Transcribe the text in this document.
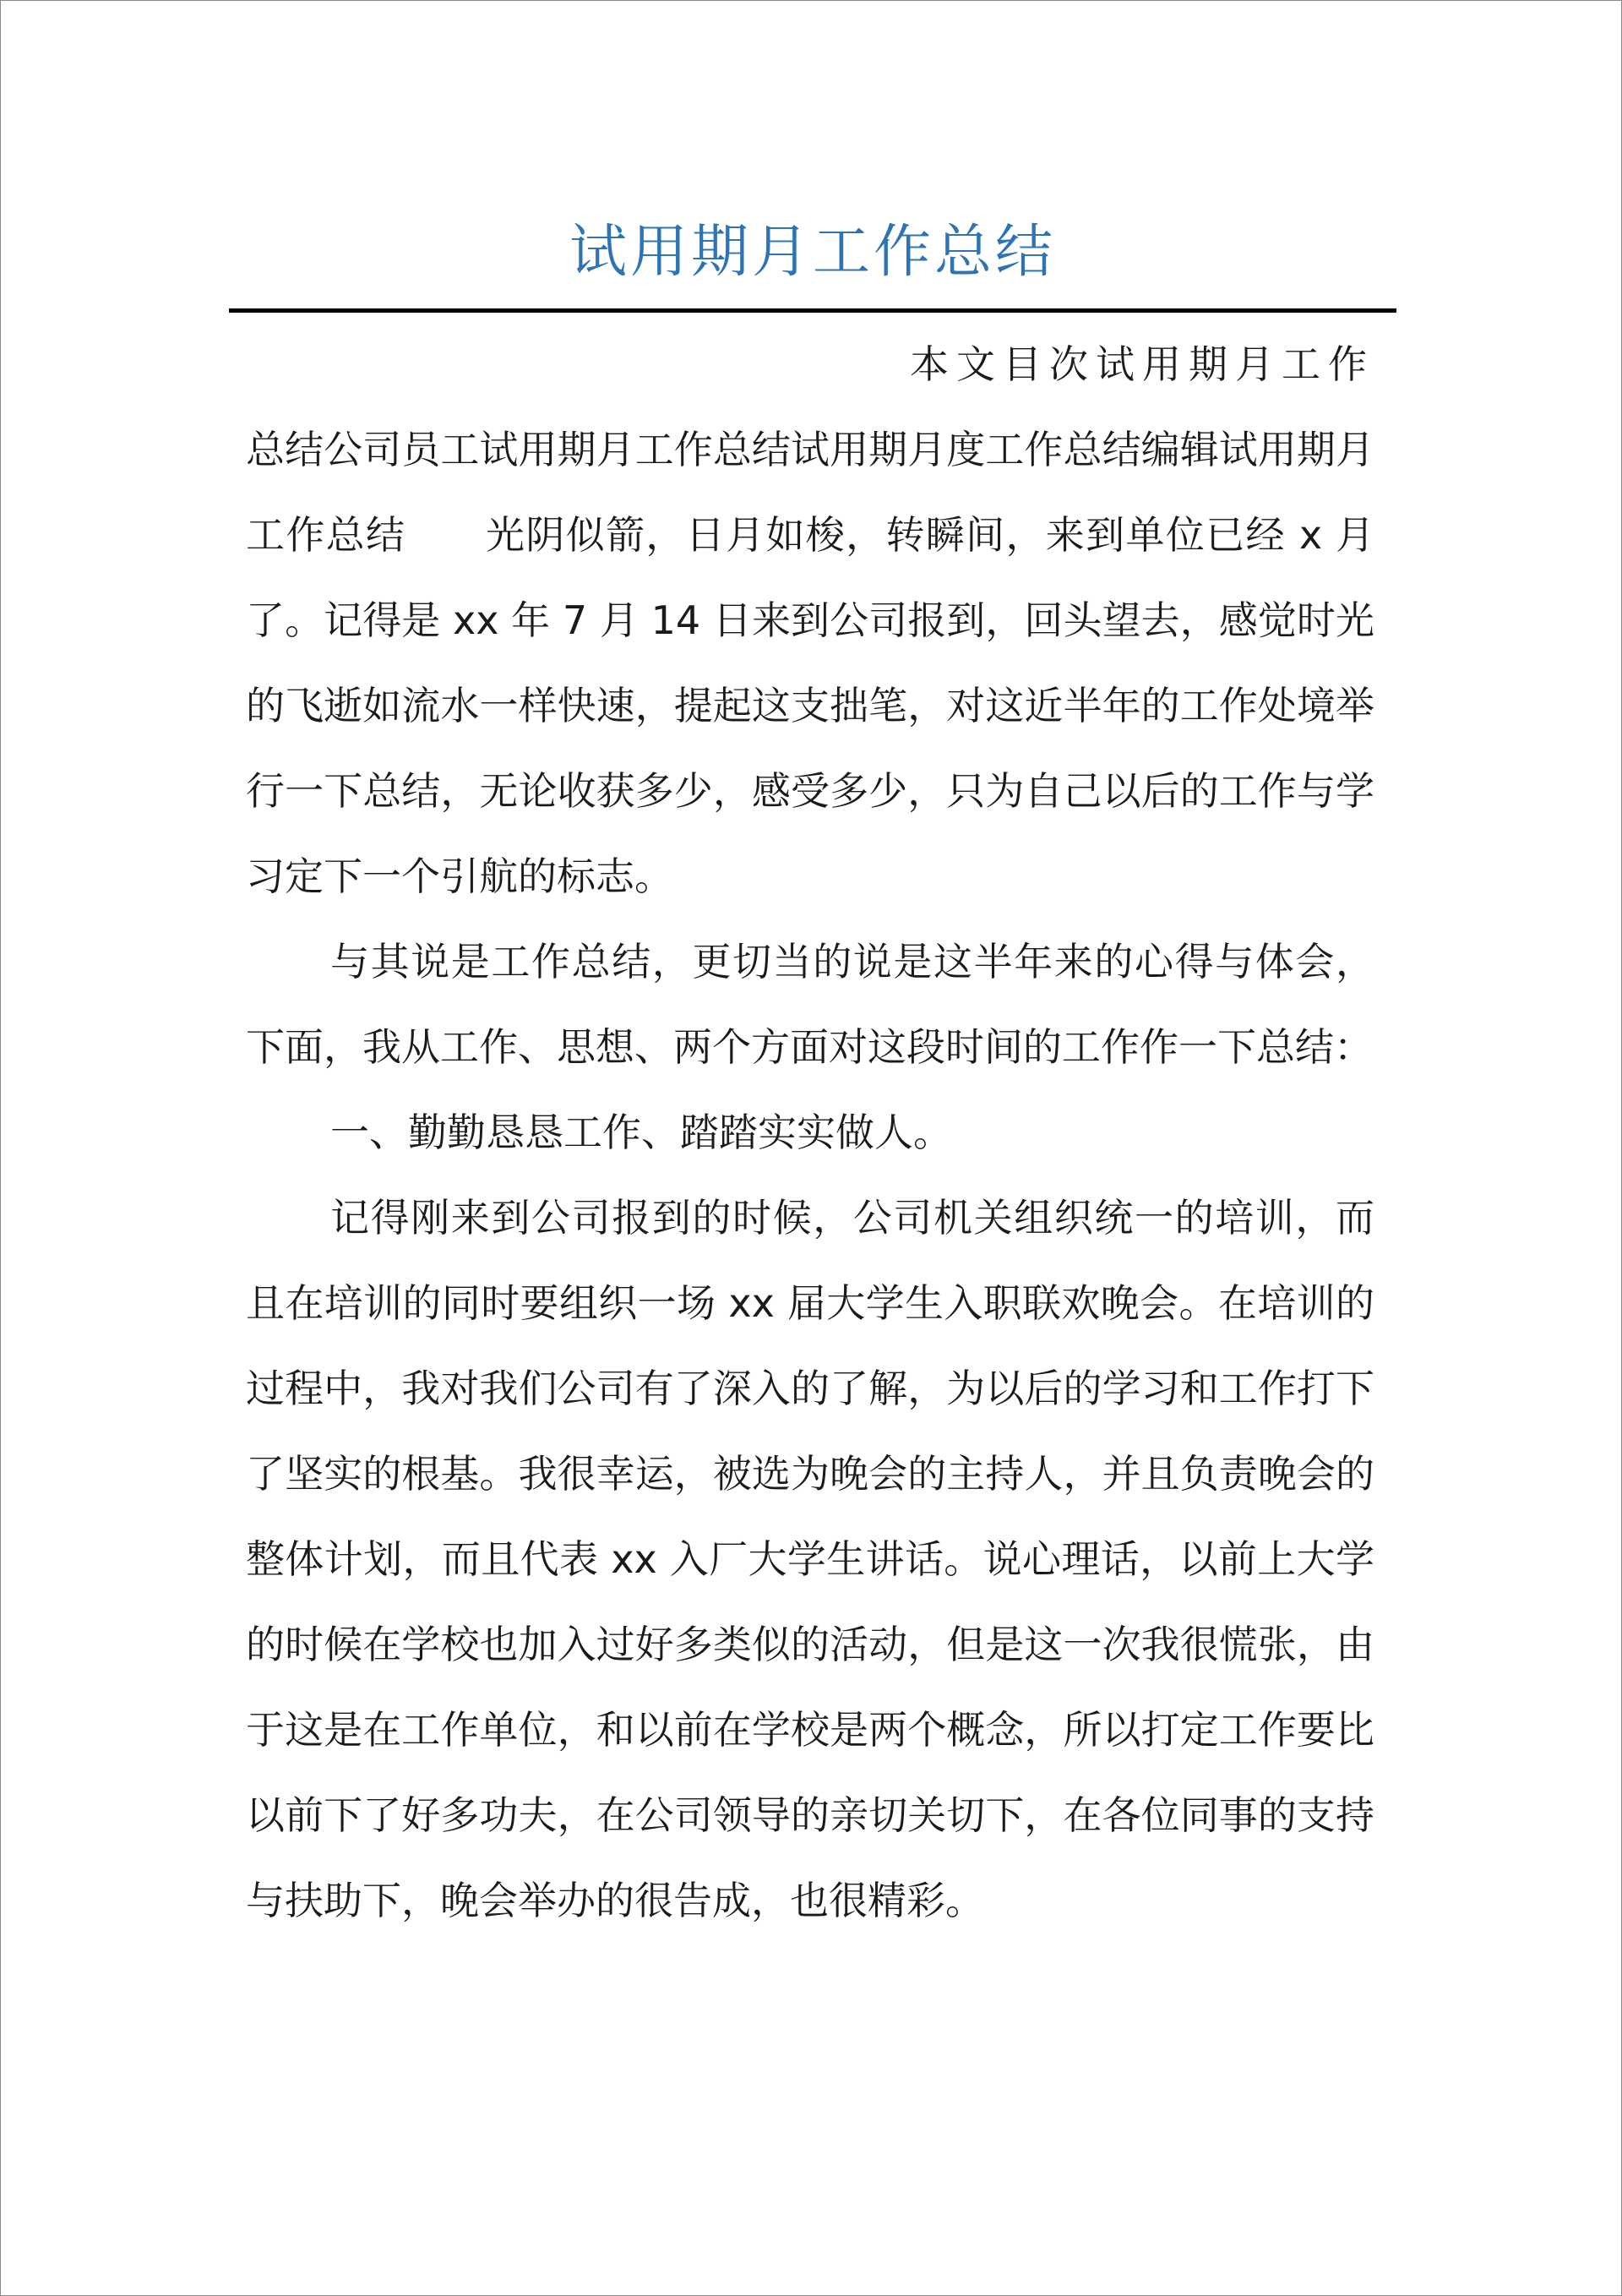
试用期月工作总结

本文目次试用期月工作

总结公司员工试用期月工作总结试用期月度工作总结编辑试用期月工作总结　　光阴似箭，日月如梭，转瞬间，来到单位已经 x 月了。记得是 xx 年 7 月 14 日来到公司报到，回头望去，感觉时光的飞逝如流水一样快速，提起这支拙笔，对这近半年的工作处境举行一下总结，无论收获多少，感受多少，只为自己以后的工作与学习定下一个引航的标志。

与其说是工作总结，更切当的说是这半年来的心得与体会，下面，我从工作、思想、两个方面对这段时间的工作作一下总结：

一、勤勤恳恳工作、踏踏实实做人。

记得刚来到公司报到的时候，公司机关组织统一的培训，而且在培训的同时要组织一场 xx 届大学生入职联欢晚会。在培训的过程中，我对我们公司有了深入的了解，为以后的学习和工作打下了坚实的根基。我很幸运，被选为晚会的主持人，并且负责晚会的整体计划，而且代表 xx 入厂大学生讲话。说心理话，以前上大学的时候在学校也加入过好多类似的活动，但是这一次我很慌张，由于这是在工作单位，和以前在学校是两个概念，所以打定工作要比以前下了好多功夫，在公司领导的亲切关切下，在各位同事的支持与扶助下，晚会举办的很告成，也很精彩。
